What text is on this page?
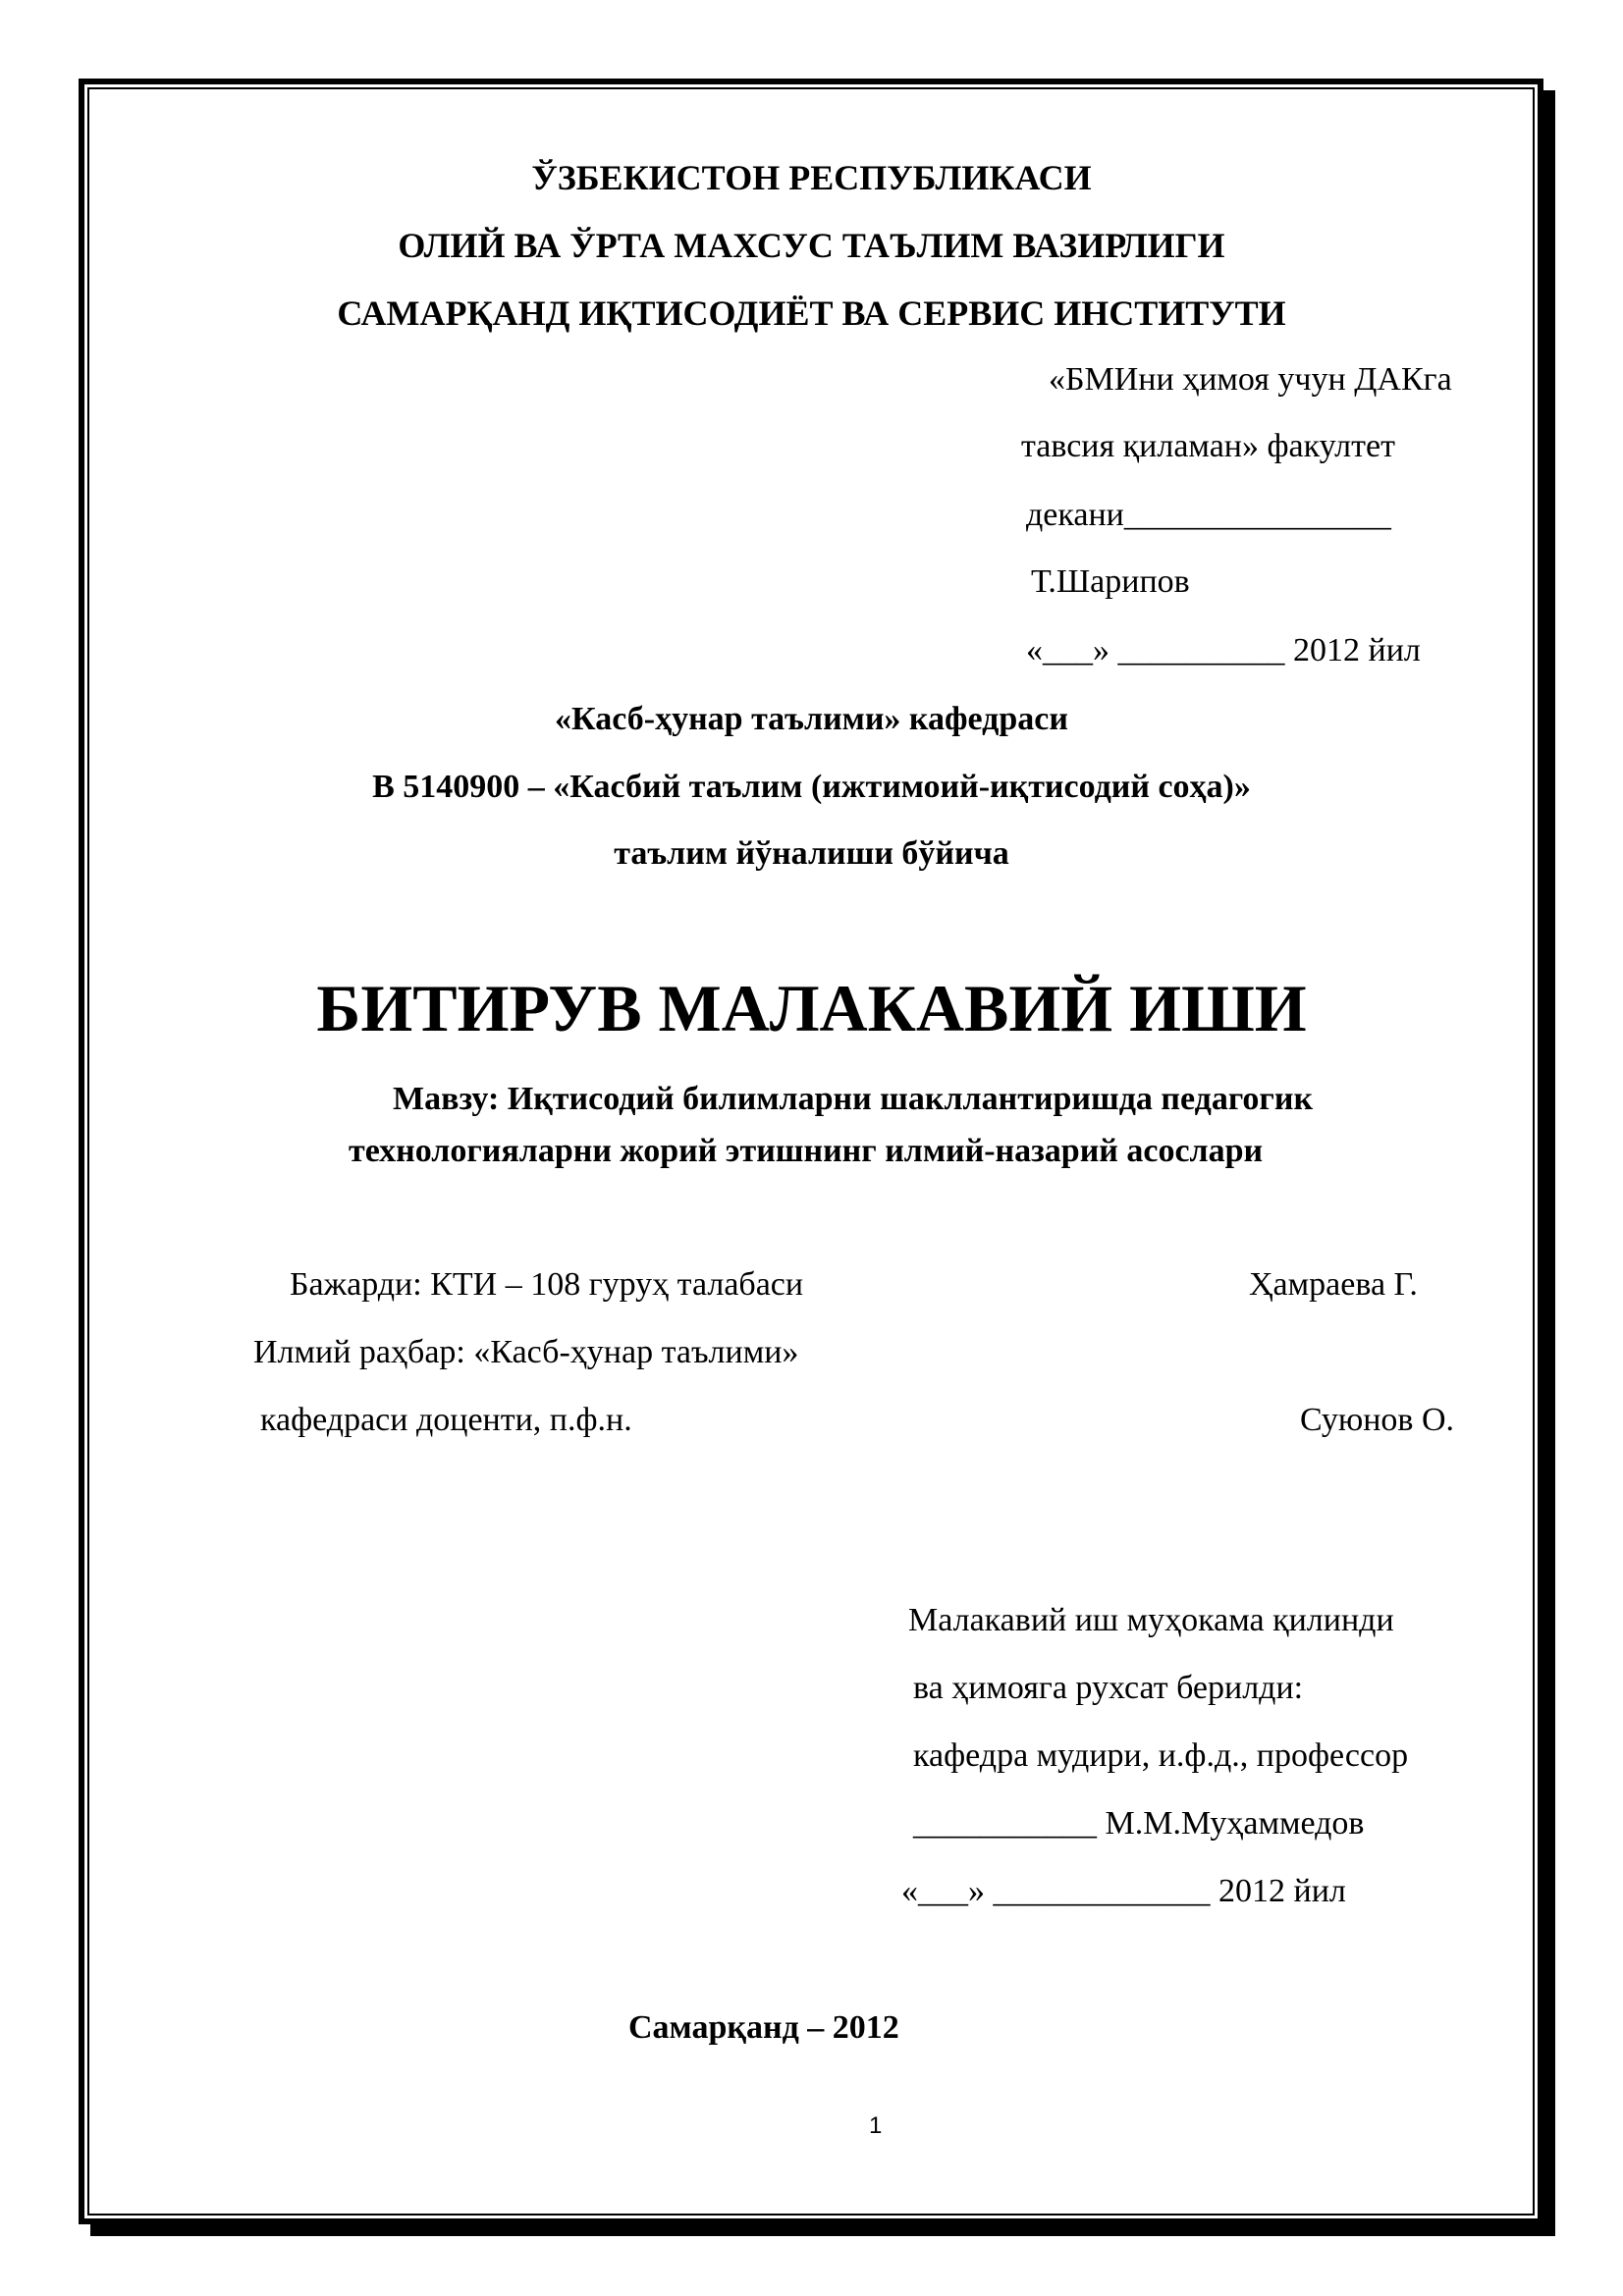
ЎЗБЕКИСТОН РЕСПУБЛИКАСИ
ОЛИЙ ВА ЎРТА МАХСУС ТАЪЛИМ ВАЗИРЛИГИ
САМАРҚАНД ИҚТИСОДИЁТ ВА СЕРВИС ИНСТИТУТИ
«БМИни ҳимоя учун ДАКга
тавсия қиламан» факултет
декани________________
Т.Шарипов
«___» __________ 2012 йил
«Касб-ҳунар таълими» кафедраси
В 5140900 – «Касбий таълим (ижтимоий-иқтисодий соҳа)»
таълим йўналиши бўйича
БИТИРУВ МАЛАКАВИЙ ИШИ
Мавзу: Иқтисодий билимларни шакллантиришда педагогик
технологияларни жорий этишнинг илмий-назарий асослари
Бажарди: КТИ – 108 гуруҳ талабаси	Ҳамраева Г.
Илмий раҳбар: «Касб-ҳунар таълими»
кафедраси доценти, п.ф.н.	Суюнов О.
Малакавий иш муҳокама қилинди
ва ҳимояга рухсат берилди:
кафедра мудири, и.ф.д., профессор
___________ М.М.Муҳаммедов
«___» _____________ 2012 йил
Самарқанд – 2012
1
